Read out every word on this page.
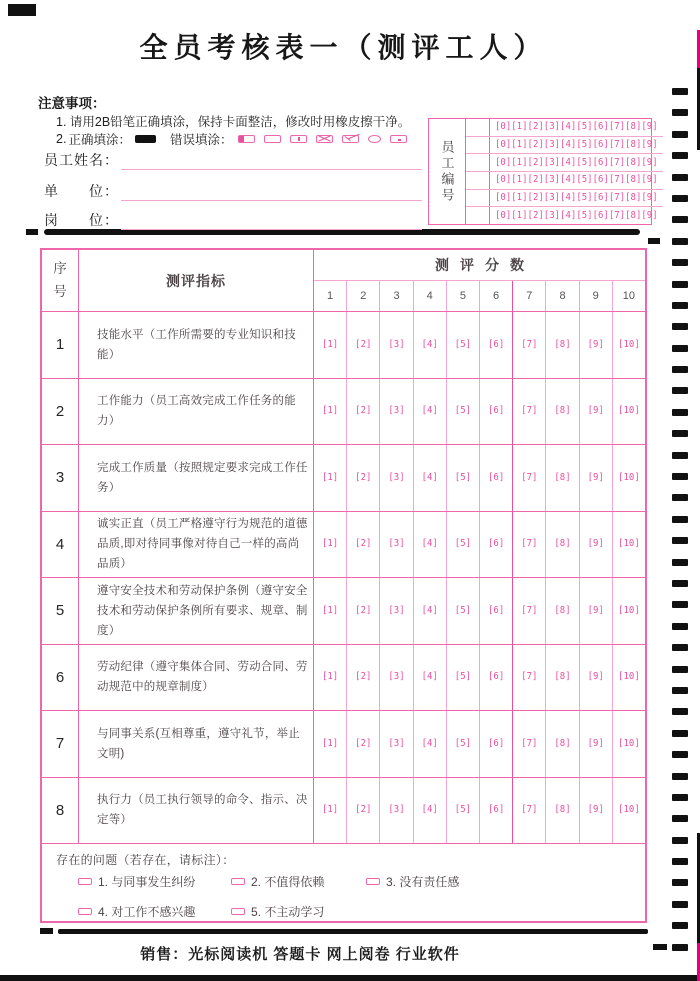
全员考核表一（测评工人）
注意事项：
1. 请用2B铅笔正确填涂，保持卡面整洁，修改时用橡皮擦干净。
2. 正确填涂：	错误填涂：
员工姓名：
单　　位：
岗　　位：
员工编号
[0] [1] [2] [3] [4] [5] [6] [7] [8] [9]
[0] [1] [2] [3] [4] [5] [6] [7] [8] [9]
[0] [1] [2] [3] [4] [5] [6] [7] [8] [9]
[0] [1] [2] [3] [4] [5] [6] [7] [8] [9]
[0] [1] [2] [3] [4] [5] [6] [7] [8] [9]
[0] [1] [2] [3] [4] [5] [6] [7] [8] [9]
序号
测评指标
测评分数
1	2	3	4	5	6	7	8	9	10
1
技能水平（工作所需要的专业知识和技能）
[1] [2] [3] [4] [5] [6] [7] [8] [9] [10]
2
工作能力（员工高效完成工作任务的能力）
[1] [2] [3] [4] [5] [6] [7] [8] [9] [10]
3
完成工作质量（按照规定要求完成工作任务）
[1] [2] [3] [4] [5] [6] [7] [8] [9] [10]
4
诚实正直（员工严格遵守行为规范的道德品质,即对待同事像对待自己一样的高尚品质）
[1] [2] [3] [4] [5] [6] [7] [8] [9] [10]
5
遵守安全技术和劳动保护条例（遵守安全技术和劳动保护条例所有要求、规章、制度）
[1] [2] [3] [4] [5] [6] [7] [8] [9] [10]
6
劳动纪律（遵守集体合同、劳动合同、劳动规范中的规章制度）
[1] [2] [3] [4] [5] [6] [7] [8] [9] [10]
7
与同事关系(互相尊重，遵守礼节，举止文明)
[1] [2] [3] [4] [5] [6] [7] [8] [9] [10]
8
执行力（员工执行领导的命令、指示、决定等）
[1] [2] [3] [4] [5] [6] [7] [8] [9] [10]
存在的问题（若存在，请标注）：
1. 与同事发生纠纷	2. 不值得依赖	3. 没有责任感
4. 对工作不感兴趣	5. 不主动学习
销售：光标阅读机 答题卡 网上阅卷 行业软件
